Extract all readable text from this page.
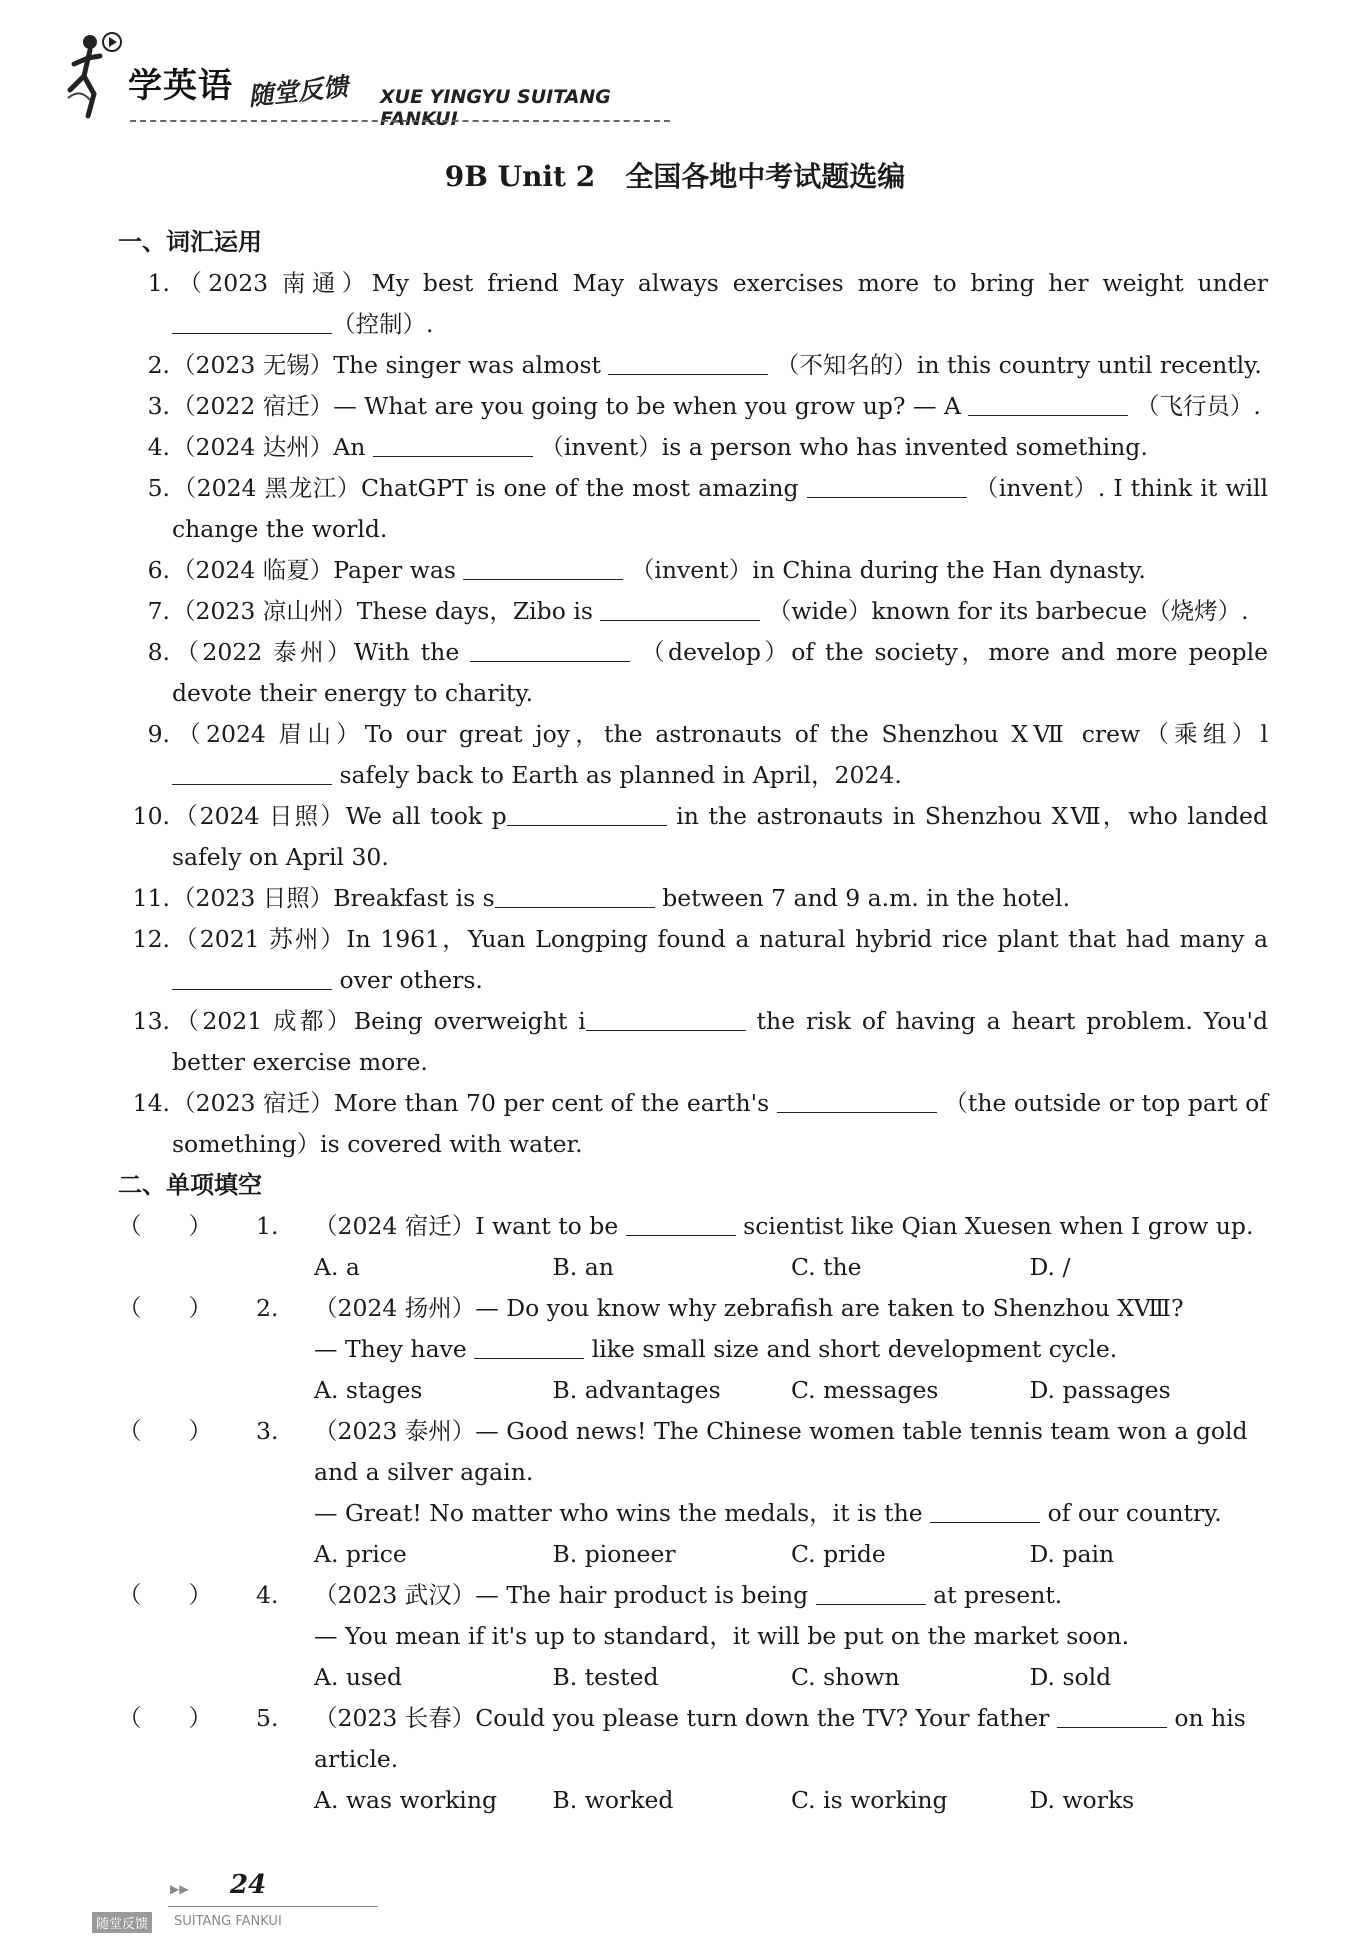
学英语 随堂反馈 XUE YINGYU SUITANG FANKUI
9B Unit 2 全国各地中考试题选编
一、词汇运用
1.（2023 南通）My best friend May always exercises more to bring her weight under （控制）.
2.（2023 无锡）The singer was almost	（不知名的）in this country until recently.
3.（2022 宿迁）— What are you going to be when you grow up? — A	（飞行员）.
4.（2024 达州）An	（invent）is a person who has invented something.
5.（2024 黑龙江）ChatGPT is one of the most amazing	（invent）. I think it will change the world.
6.（2024 临夏）Paper was	（invent）in China during the Han dynasty.
7.（2023 凉山州）These days，Zibo is	（wide）known for its barbecue（烧烤）.
8.（2022 泰州）With the	（develop）of the society，more and more people devote their energy to charity.
9.（2024 眉山）To our great joy，the astronauts of the Shenzhou ⅩⅦ crew（乘组）l safely back to Earth as planned in April，2024.
10.（2024 日照）We all took p	in the astronauts in Shenzhou ⅩⅦ，who landed safely on April 30.
11.（2023 日照）Breakfast is s	between 7 and 9 a.m. in the hotel.
12.（2021 苏州）In 1961，Yuan Longping found a natural hybrid rice plant that had many a over others.
13.（2021 成都）Being overweight i	the risk of having a heart problem. You'd better exercise more.
14.（2023 宿迁）More than 70 per cent of the earth's	（the outside or top part of something）is covered with water.
二、单项填空
（　　） 1. （2024 宿迁）I want to be	scientist like Qian Xuesen when I grow up.
A. a	B. an	C. the	D. /
（　　） 2. （2024 扬州）— Do you know why zebrafish are taken to Shenzhou ⅩⅧ?
— They have	like small size and short development cycle.
A. stages	B. advantages	C. messages	D. passages
（　　） 3. （2023 泰州）— Good news! The Chinese women table tennis team won a gold and a silver again.
— Great! No matter who wins the medals，it is the	of our country.
A. price	B. pioneer	C. pride	D. pain
（　　） 4. （2023 武汉）— The hair product is being	at present.
— You mean if it's up to standard，it will be put on the market soon.
A. used	B. tested	C. shown	D. sold
（　　） 5. （2023 长春）Could you please turn down the TV? Your father	on his article.
A. was working	B. worked	C. is working	D. works
▶▶ 24
随堂反馈	SUITANG FANKUI
